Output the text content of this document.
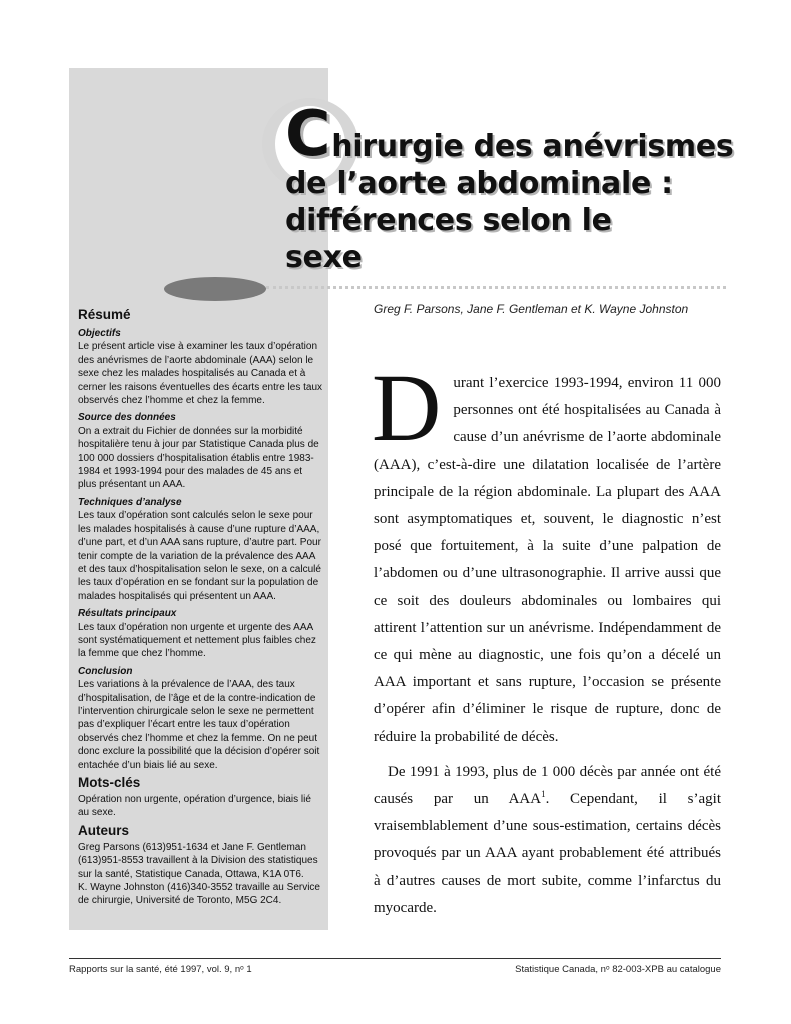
C hirurgie des anévrismes
de l’aorte abdominale :
différences selon le
sexe
Greg F. Parsons, Jane F. Gentleman et K. Wayne Johnston
Résumé
Objectifs

Le présent article vise à examiner les taux d’opération des anévrismes de l’aorte abdominale (AAA) selon le sexe chez les malades hospitalisés au Canada et à cerner les raisons éventuelles des écarts entre les taux observés chez l’homme et chez la femme.

Source des données

On a extrait du Fichier de données sur la morbidité hospitalière tenu à jour par Statistique Canada plus de 100 000 dossiers d’hospitalisation établis entre 1983-1984 et 1993-1994 pour des malades de 45 ans et plus présentant un AAA.

Techniques d’analyse

Les taux d’opération sont calculés selon le sexe pour les malades hospitalisés à cause d’une rupture d’AAA, d’une part, et d’un AAA sans rupture, d’autre part. Pour tenir compte de la variation de la prévalence des AAA et des taux d’hospitalisation selon le sexe, on a calculé les taux d’opération en se fondant sur la population de malades hospitalisés qui présentent un AAA.

Résultats principaux

Les taux d’opération non urgente et urgente des AAA sont systématiquement et nettement plus faibles chez la femme que chez l’homme.

Conclusion

Les variations à la prévalence de l’AAA, des taux d’hospitalisation, de l’âge et de la contre-indication de l’intervention chirurgicale selon le sexe ne permettent pas d’expliquer l’écart entre les taux d’opération observés chez l’homme et chez la femme. On ne peut donc exclure la possibilité que la décision d’opérer soit entachée d’un biais lié au sexe.

Mots-clés

Opération non urgente, opération d’urgence, biais lié au sexe.

Auteurs

Greg Parsons (613)951-1634 et Jane F. Gentleman (613)951-8553 travaillent à la Division des statistiques sur la santé, Statistique Canada, Ottawa, K1A 0T6.

K. Wayne Johnston (416)340-3552 travaille au Service de chirurgie, Université de Toronto, M5G 2C4.

Durant l’exercice 1993-1994, environ 11 000 personnes ont été hospitalisées au Canada à cause d’un anévrisme de l’aorte abdominale (AAA), c’est-à-dire une dilatation localisée de l’artère principale de la région abdominale. La plupart des AAA sont asymptomatiques et, souvent, le diagnostic n’est posé que fortuitement, à la suite d’une palpation de l’abdomen ou d’une ultrasonographie. Il arrive aussi que ce soit des douleurs abdominales ou lombaires qui attirent l’attention sur un anévrisme. Indépendamment de ce qui mène au diagnostic, une fois qu’on a décelé un AAA important et sans rupture, l’occasion se présente d’opérer afin d’éliminer le risque de rupture, donc de réduire la probabilité de décès.

De 1991 à 1993, plus de 1 000 décès par année ont été causés par un AAA$^1$. Cependant, il s’agit vraisemblablement d’une sous-estimation, certains décès provoqués par un AAA ayant probablement été attribués à d’autres causes de mort subite, comme l’infarctus du myocarde.

Rapports sur la santé, été 1997, vol. 9, nᵒ 1	Statistique Canada, nᵒ 82-003-XPB au catalogue
